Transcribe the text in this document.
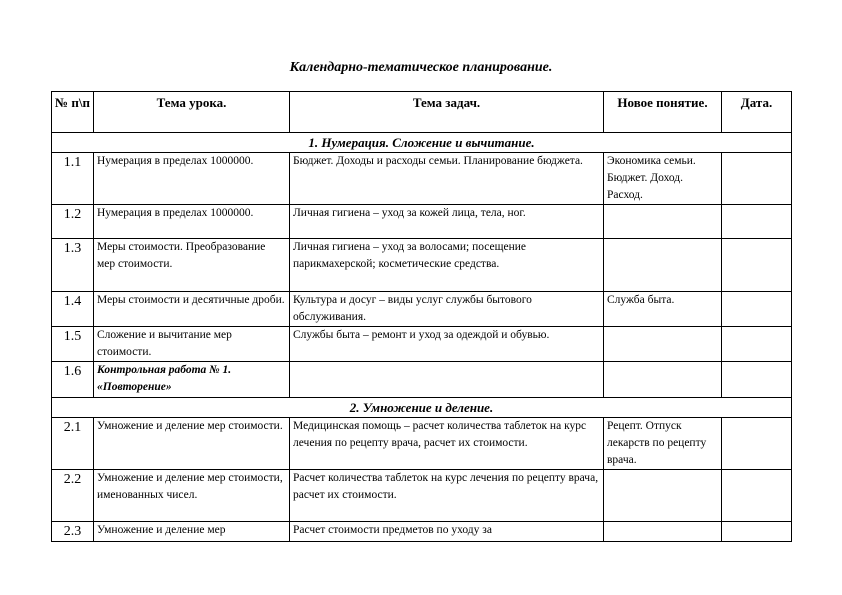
Календарно-тематическое планирование.
№ п\п	Тема урока.	Тема задач.	Новое понятие.	Дата.
1. Нумерация. Сложение и вычитание.				
1.1	Нумерация в пределах 1000000.	Бюджет. Доходы и расходы семьи. Планирование бюджета.	Экономика семьи. Бюджет. Доход. Расход.	
1.2	Нумерация в пределах 1000000.	Личная гигиена – уход за кожей лица, тела, ног.		
1.3	Меры стоимости. Преобразование мер стоимости.	Личная гигиена – уход за волосами; посещение парикмахерской; косметические средства.		
1.4	Меры стоимости и десятичные дроби.	Культура и досуг – виды услуг службы бытового обслуживания.	Служба быта.	
1.5	Сложение и вычитание мер стоимости.	Службы быта – ремонт и уход за одеждой и обувью.		
1.6	Контрольная работа № 1.
«Повторение»			
2. Умножение и деление.				
2.1	Умножение и деление мер стоимости.	Медицинская помощь – расчет количества таблеток на курс лечения по рецепту врача, расчет их стоимости.	Рецепт. Отпуск лекарств по рецепту врача.	
2.2	Умножение и деление мер стоимости, именованных чисел.	Расчет количества таблеток на курс лечения по рецепту врача, расчет их стоимости.		
2.3	Умножение и деление мер	Расчет стоимости предметов по уходу за		
